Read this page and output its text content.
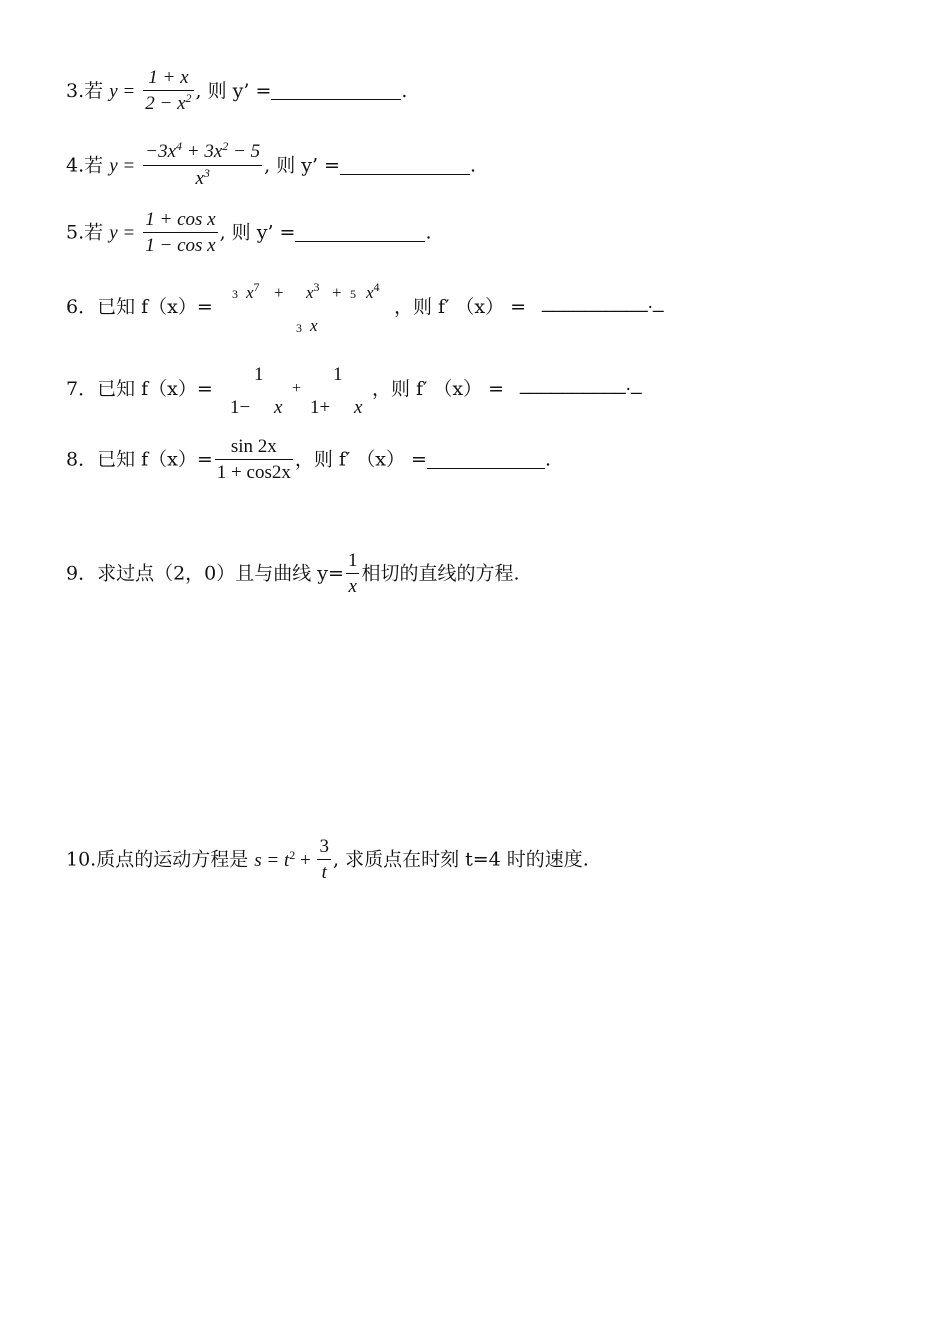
3.若 $y = \frac{1 + x}{2 - x^2}$ , 则 y’ =	.
4.若 $y = \frac{-3x^4 + 3x^2 - 5}{x^3}$ , 则 y’ =	.
5.若 $y = \frac{\text{1 + cos x}}{\text{1 − cos x}}$ , 则 y’ =	.
6．已知 f（x）=
3 $x^7 + x^3 + 5$ $x^4$
3 x
，则 f′ （x） = __________._
7．已知 f（x）=
1
1− x
+
1
1+ x
，则 f′ （x） = __________._
8．已知 $f(x)= \frac{\sin 2x}{1 + \cos 2x}$ ，则 f′ （x） =	.
9．求过点（2，0）且与曲线 $y= \frac{1}{x}$ 相切的直线的方程.
10.质点的运动方程是 $s = t^2 + \frac{3}{t}$ , 求质点在时刻 t=4 时的速度.
